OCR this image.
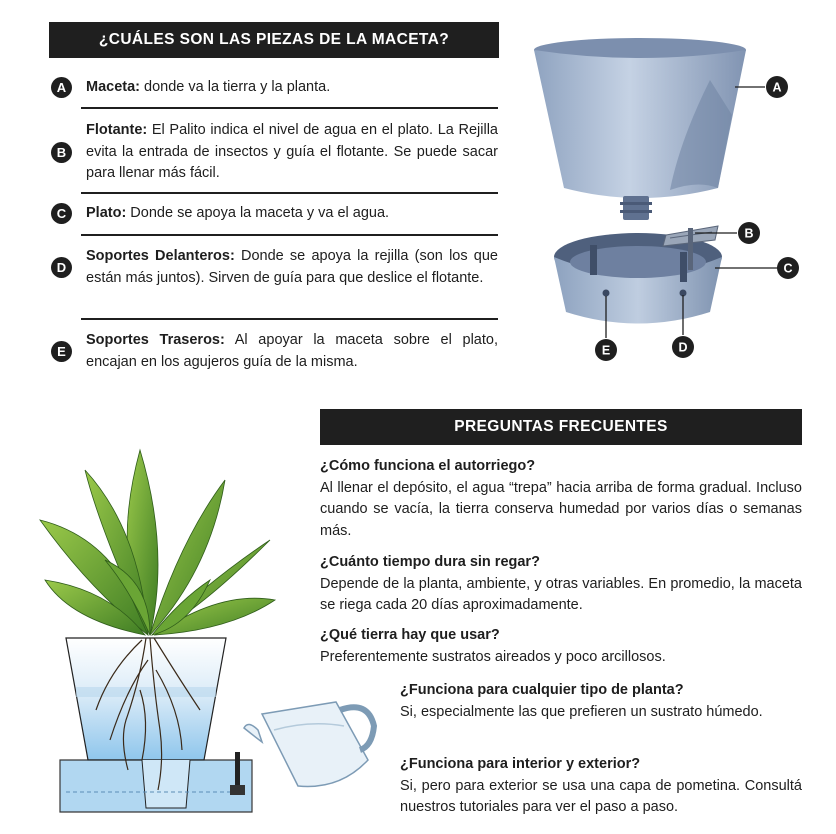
¿CUÁLES SON LAS PIEZAS DE LA MACETA?
A	Maceta: donde va la tierra y la planta.
B
Flotante: El Palito indica el nivel de agua en el plato. La Rejilla evita la entrada de insectos y guía el flotante. Se puede sacar para llenar más fácil.
C	Plato: Donde se apoya la maceta y va el agua.
D
Soportes Delanteros: Donde se apoya la rejilla (son los que están más juntos). Sirven de guía para que deslice el flotante.
E
Soportes Traseros: Al apoyar la maceta sobre el plato, encajan en los agujeros guía de la misma.
A
B
C
D
E
PREGUNTAS FRECUENTES
¿Cómo funciona el autorriego?
Al llenar el depósito, el agua “trepa” hacia arriba de forma gradual. Incluso cuando se vacía, la tierra conserva humedad por varios días o semanas más.
¿Cuánto tiempo dura sin regar?
Depende de la planta, ambiente, y otras variables. En promedio, la maceta se riega cada 20 días aproximadamente.
¿Qué tierra hay que usar?
Preferentemente sustratos aireados y poco arcillosos.
¿Funciona para cualquier tipo de planta?
Si, especialmente las que prefieren un sustrato húmedo.
¿Funciona para interior y exterior?
Si, pero para exterior se usa una capa de pometina. Consultá nuestros tutoriales para ver el paso a paso.
